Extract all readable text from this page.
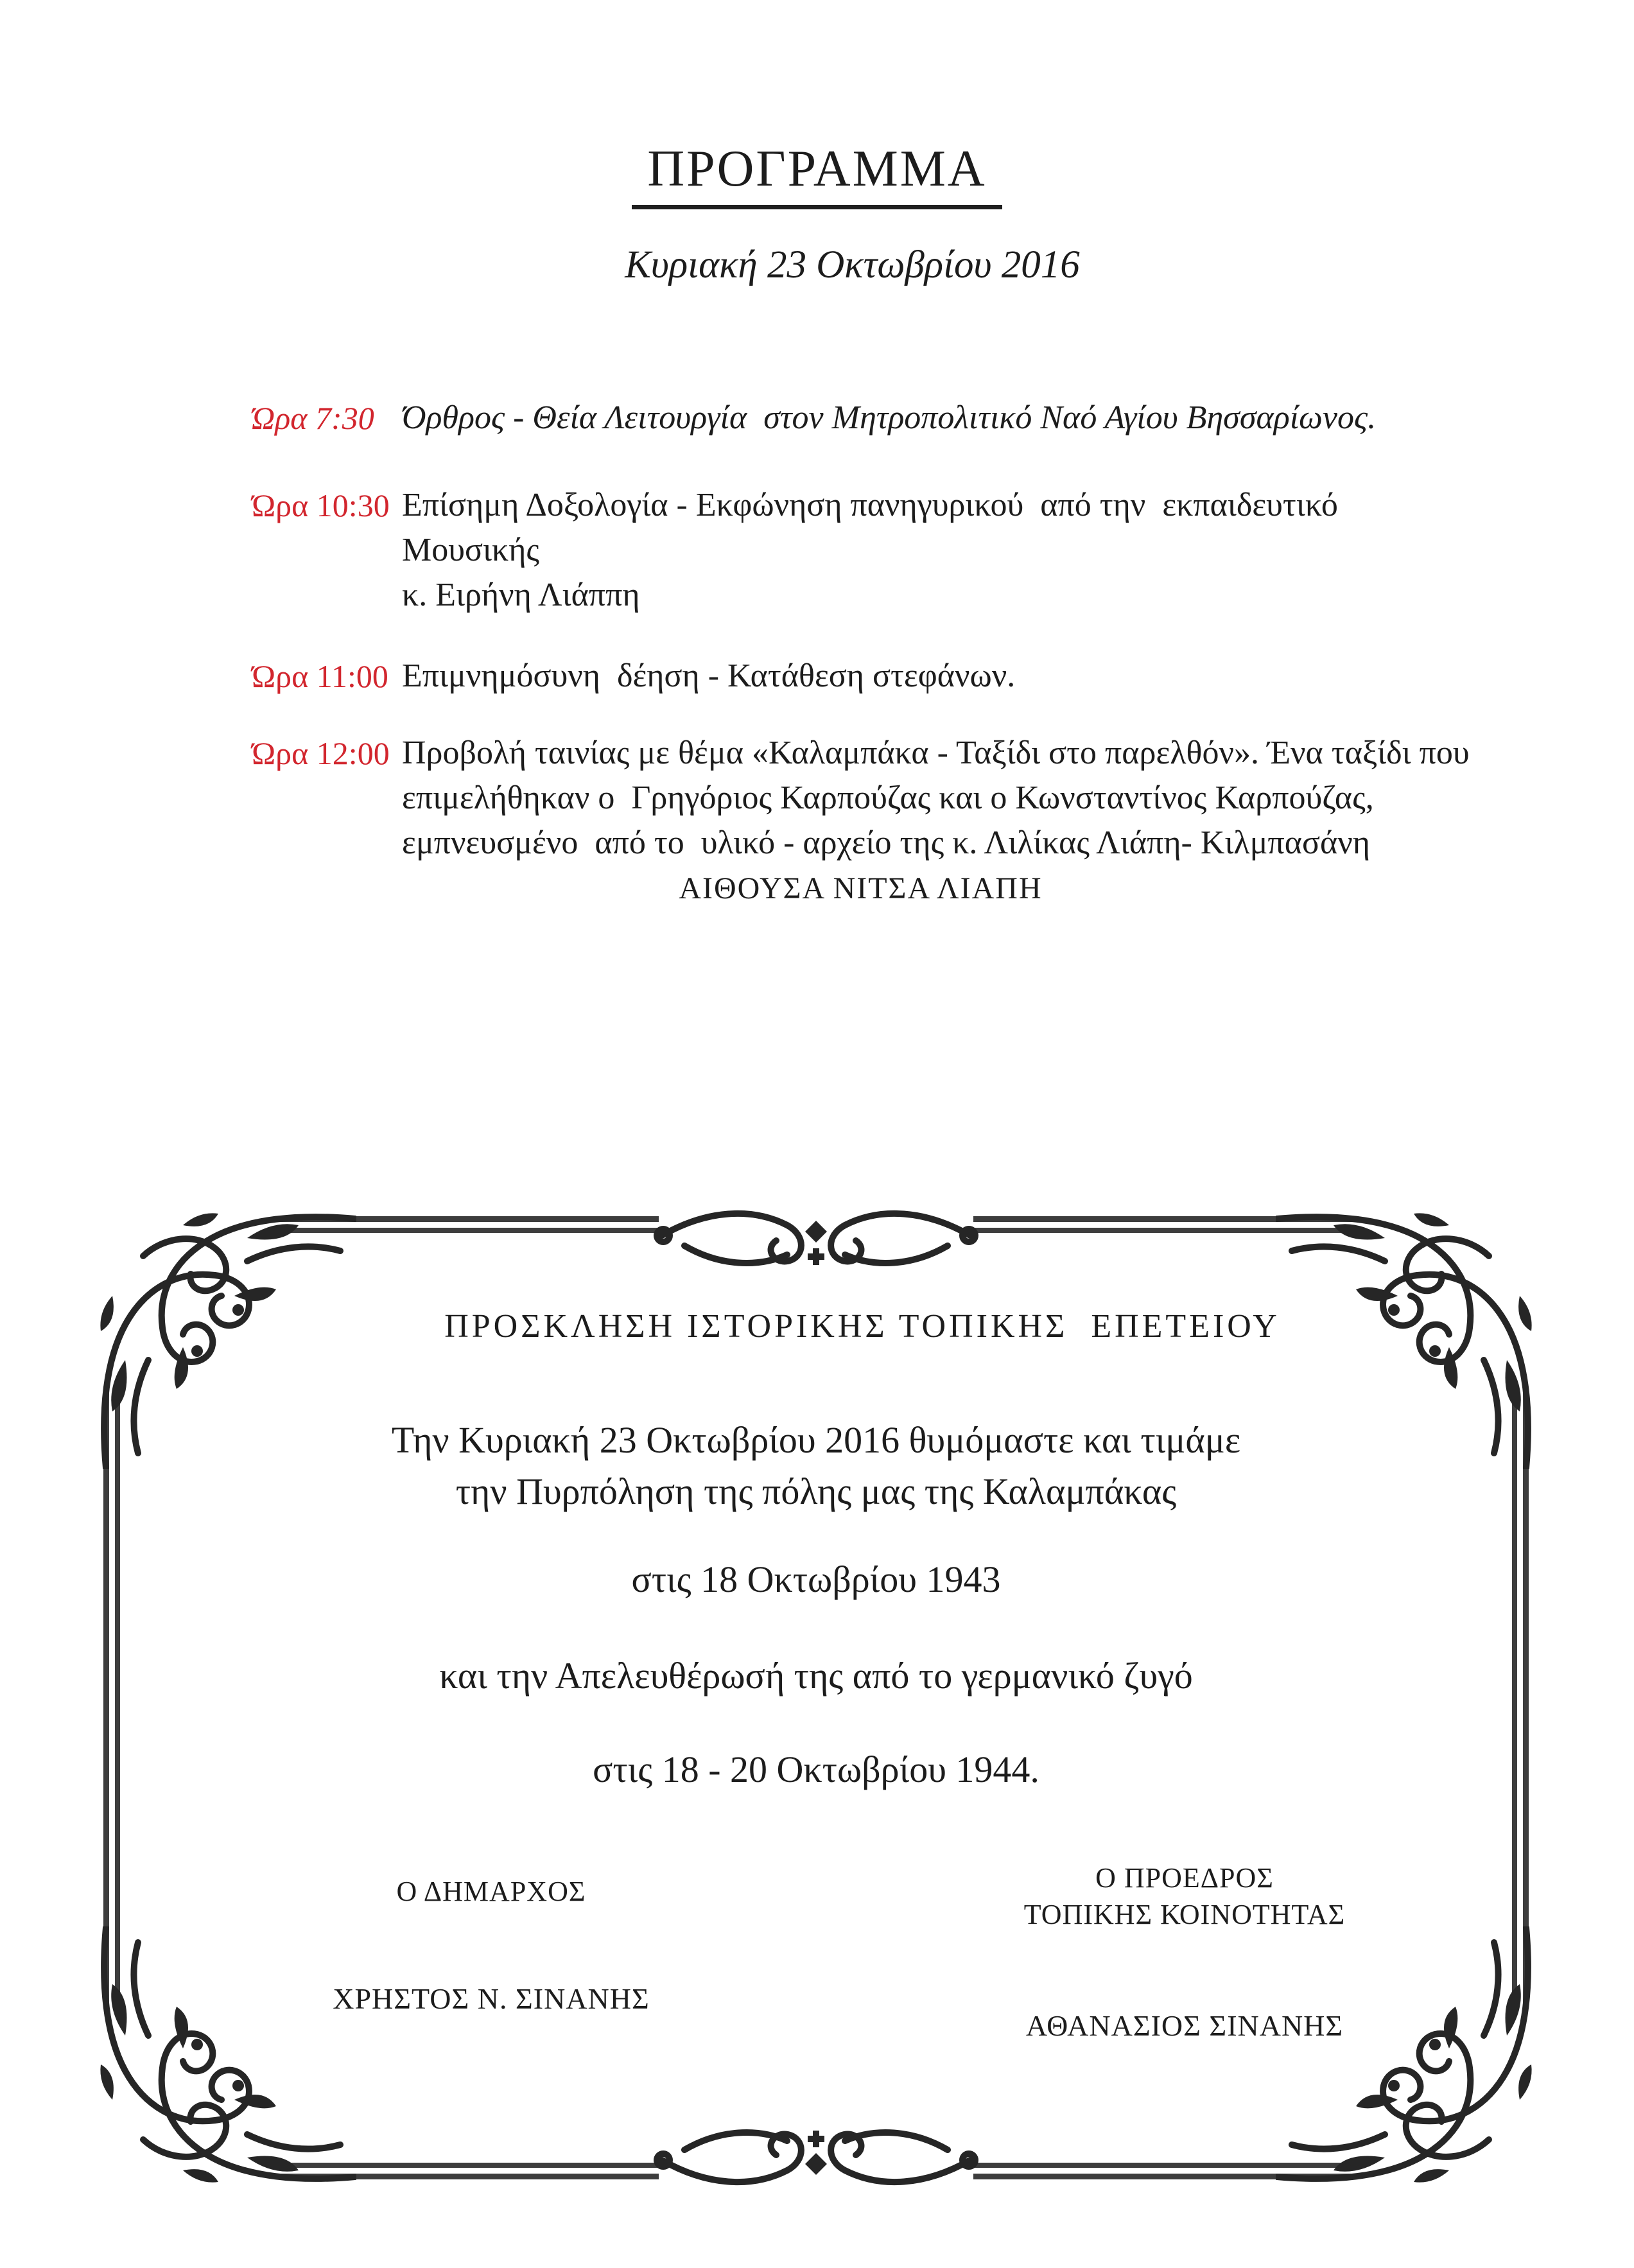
ΠΡΟΓΡΑΜΜΑ
Κυριακή 23 Οκτωβρίου 2016
Ώρα 7:30 Όρθρος - Θεία Λειτουργία  στον Μητροπολιτικό Ναό Αγίου Βησσαρίωνος.
Ώρα 10:30 Επίσημη Δοξολογία - Εκφώνηση πανηγυρικού  από την  εκπαιδευτικό Μουσικής
κ. Ειρήνη Λιάππη
Ώρα 11:00 Επιμνημόσυνη  δέηση - Κατάθεση στεφάνων.
Ώρα 12:00 Προβολή ταινίας με θέμα «Καλαμπάκα - Ταξίδι στο παρελθόν». Ένα ταξίδι που
επιμελήθηκαν ο  Γρηγόριος Καρπούζας και ο Κωνσταντίνος Καρπούζας,
εμπνευσμένο  από το  υλικό - αρχείο της κ. Λιλίκας Λιάπη- Κιλμπασάνη
ΑΙΘΟΥΣΑ ΝΙΤΣΑ ΛΙΑΠΗ
ΠΡΟΣΚΛΗΣΗ ΙΣΤΟΡΙΚΗΣ ΤΟΠΙΚΗΣ  ΕΠΕΤΕΙΟΥ
Την Κυριακή 23 Οκτωβρίου 2016 θυμόμαστε και τιμάμε
την Πυρπόληση της πόλης μας της Καλαμπάκας
στις 18 Οκτωβρίου 1943
και την Απελευθέρωσή της από το γερμανικό ζυγό
στις 18 - 20 Οκτωβρίου 1944.
Ο ΔΗΜΑΡΧΟΣ	Ο ΠΡΟΕΔΡΟΣ
ΤΟΠΙΚΗΣ ΚΟΙΝΟΤΗΤΑΣ
ΧΡΗΣΤΟΣ Ν. ΣΙΝΑΝΗΣ
ΑΘΑΝΑΣΙΟΣ ΣΙΝΑΝΗΣ
